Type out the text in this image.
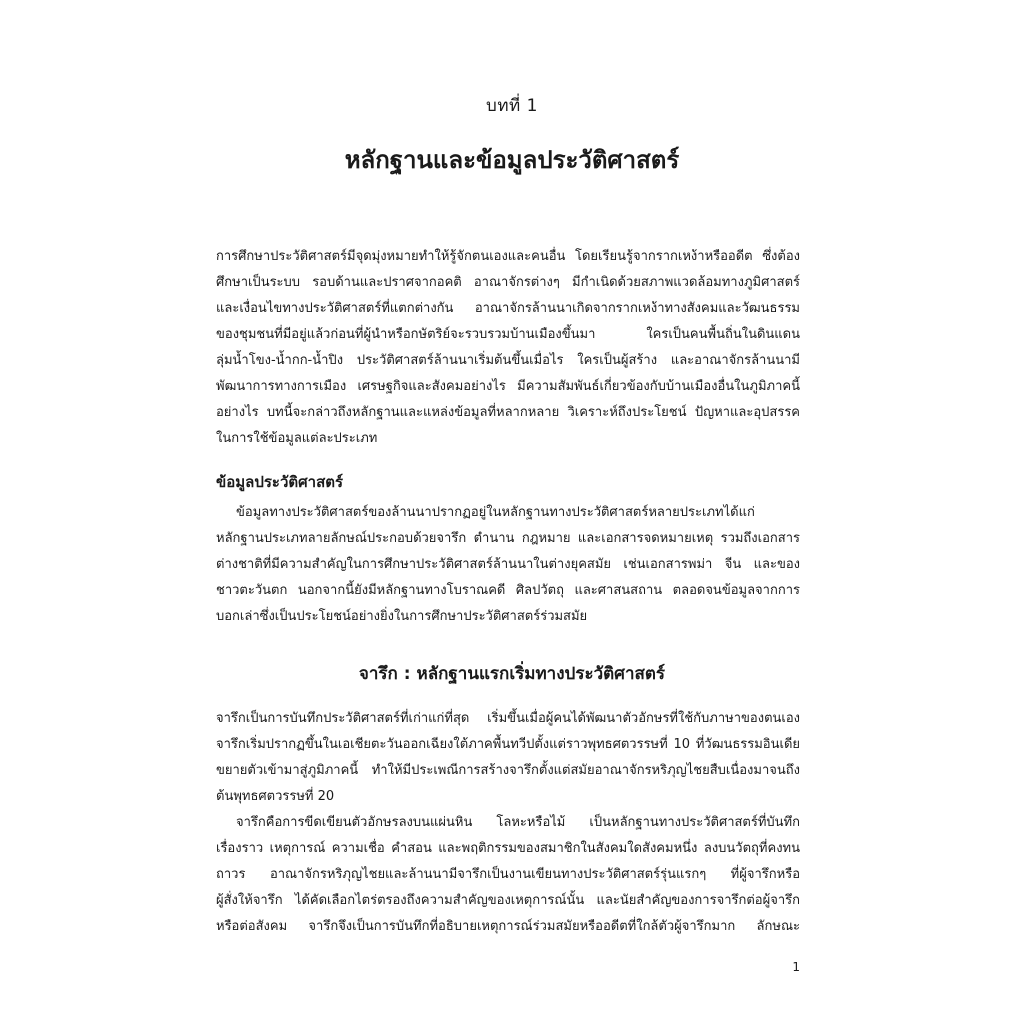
บทที่ 1
หลักฐานและข้อมูลประวัติศาสตร์
การศึกษาประวัติศาสตร์มีจุดมุ่งหมายทำให้รู้จักตนเองและคนอื่น โดยเรียนรู้จากรากเหง้าหรืออดีต ซึ่งต้อง
ศึกษาเป็นระบบ รอบด้านและปราศจากอคติ อาณาจักรต่างๆ มีกำเนิดด้วยสภาพแวดล้อมทางภูมิศาสตร์
และเงื่อนไขทางประวัติศาสตร์ที่แตกต่างกัน อาณาจักรล้านนาเกิดจากรากเหง้าทางสังคมและวัฒนธรรม
ของชุมชนที่มีอยู่แล้วก่อนที่ผู้นำหรือกษัตริย์จะรวบรวมบ้านเมืองขึ้นมา ใครเป็นคนพื้นถิ่นในดินแดน
ลุ่มน้ำโขง-น้ำกก-น้ำปิง ประวัติศาสตร์ล้านนาเริ่มต้นขึ้นเมื่อไร ใครเป็นผู้สร้าง และอาณาจักรล้านนามี
พัฒนาการทางการเมือง เศรษฐกิจและสังคมอย่างไร มีความสัมพันธ์เกี่ยวข้องกับบ้านเมืองอื่นในภูมิภาคนี้
อย่างไร บทนี้จะกล่าวถึงหลักฐานและแหล่งข้อมูลที่หลากหลาย วิเคราะห์ถึงประโยชน์ ปัญหาและอุปสรรค
ในการใช้ข้อมูลแต่ละประเภท
ข้อมูลประวัติศาสตร์
ข้อมูลทางประวัติศาสตร์ของล้านนาปรากฏอยู่ในหลักฐานทางประวัติศาสตร์หลายประเภทได้แก่
หลักฐานประเภทลายลักษณ์ประกอบด้วยจารึก ตำนาน กฎหมาย และเอกสารจดหมายเหตุ รวมถึงเอกสาร
ต่างชาติที่มีความสำคัญในการศึกษาประวัติศาสตร์ล้านนาในต่างยุคสมัย เช่นเอกสารพม่า จีน และของ
ชาวตะวันตก นอกจากนี้ยังมีหลักฐานทางโบราณคดี ศิลปวัตถุ และศาสนสถาน ตลอดจนข้อมูลจากการ
บอกเล่าซึ่งเป็นประโยชน์อย่างยิ่งในการศึกษาประวัติศาสตร์ร่วมสมัย
จารึก : หลักฐานแรกเริ่มทางประวัติศาสตร์
จารึกเป็นการบันทึกประวัติศาสตร์ที่เก่าแก่ที่สุด เริ่มขึ้นเมื่อผู้คนได้พัฒนาตัวอักษรที่ใช้กับภาษาของตนเอง
จารึกเริ่มปรากฏขึ้นในเอเชียตะวันออกเฉียงใต้ภาคพื้นทวีปตั้งแต่ราวพุทธศตวรรษที่ 10 ที่วัฒนธรรมอินเดีย
ขยายตัวเข้ามาสู่ภูมิภาคนี้ ทำให้มีประเพณีการสร้างจารึกตั้งแต่สมัยอาณาจักรหริภุญไชยสืบเนื่องมาจนถึง
ต้นพุทธศตวรรษที่ 20
จารึกคือการขีดเขียนตัวอักษรลงบนแผ่นหิน โลหะหรือไม้ เป็นหลักฐานทางประวัติศาสตร์ที่บันทึก
เรื่องราว เหตุการณ์ ความเชื่อ คำสอน และพฤติกรรมของสมาชิกในสังคมใดสังคมหนึ่ง ลงบนวัตถุที่คงทน
ถาวร อาณาจักรหริภุญไชยและล้านนามีจารึกเป็นงานเขียนทางประวัติศาสตร์รุ่นแรกๆ ที่ผู้จารึกหรือ
ผู้สั่งให้จารึก ได้คัดเลือกไตร่ตรองถึงความสำคัญของเหตุการณ์นั้น และนัยสำคัญของการจารึกต่อผู้จารึก
หรือต่อสังคม จารึกจึงเป็นการบันทึกที่อธิบายเหตุการณ์ร่วมสมัยหรืออดีตที่ใกล้ตัวผู้จารึกมาก ลักษณะ
1
